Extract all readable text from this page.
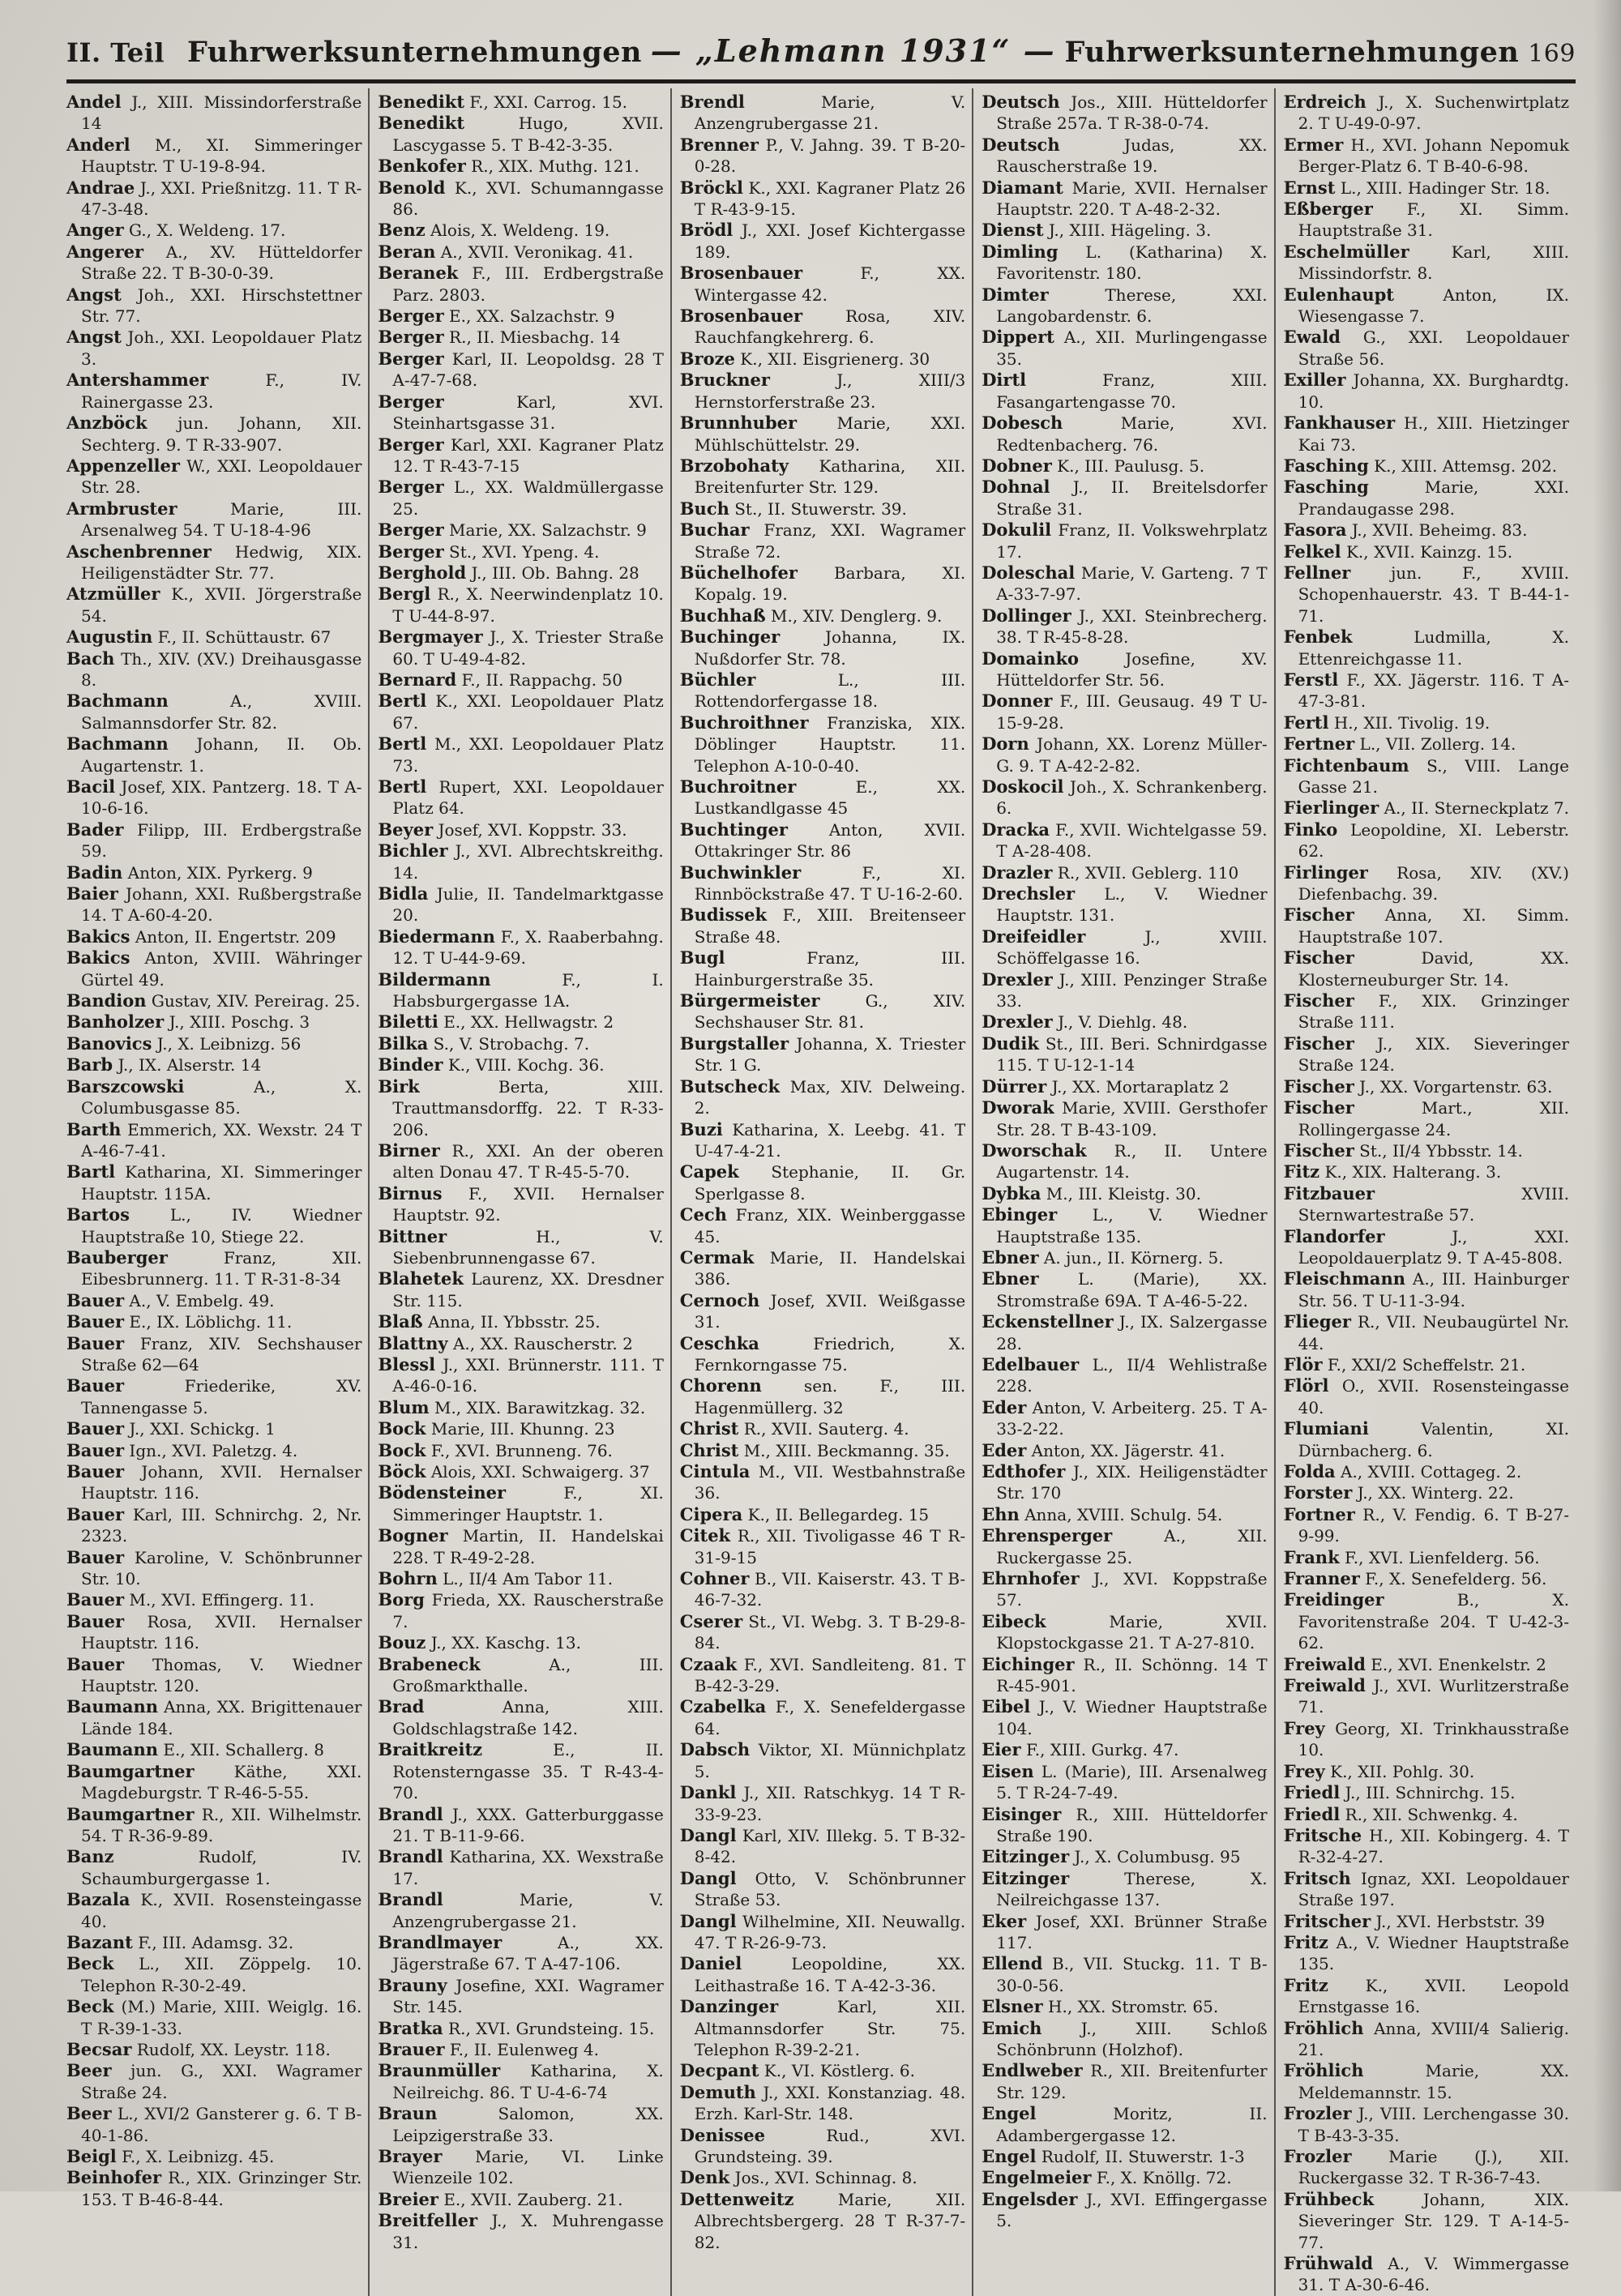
II. Teil Fuhrwerksunternehmungen — „Lehmann 1931“ — Fuhrwerksunternehmungen 169

Andel J., XIII. Missindorferstraße 14

Anderl M., XI. Simmeringer Hauptstr. T U-19-8-94.

Andrae J., XXI. Prießnitzg. 11. T R-47-3-48.

Anger G., X. Weldeng. 17.

Angerer A., XV. Hütteldorfer Straße 22. T B-30-0-39.

Angst Joh., XXI. Hirschstettner Str. 77.

Angst Joh., XXI. Leopoldauer Platz 3.

Antershammer F., IV. Rainergasse 23.

Anzböck jun. Johann, XII. Sechterg. 9. T R-33-907.

Appenzeller W., XXI. Leopoldauer Str. 28.

Armbruster Marie, III. Arsenalweg 54. T U-18-4-96

Aschenbrenner Hedwig, XIX. Heiligenstädter Str. 77.

Atzmüller K., XVII. Jörgerstraße 54.

Augustin F., II. Schüttaustr. 67

Bach Th., XIV. (XV.) Dreihausgasse 8.

Bachmann A., XVIII. Salmannsdorfer Str. 82.

Bachmann Johann, II. Ob. Augartenstr. 1.

Bacil Josef, XIX. Pantzerg. 18. T A-10-6-16.

Bader Filipp, III. Erdbergstraße 59.

Badin Anton, XIX. Pyrkerg. 9

Baier Johann, XXI. Rußbergstraße 14. T A-60-4-20.

Bakics Anton, II. Engertstr. 209

Bakics Anton, XVIII. Währinger Gürtel 49.

Bandion Gustav, XIV. Pereirag. 25.

Banholzer J., XIII. Poschg. 3

Banovics J., X. Leibnizg. 56

Barb J., IX. Alserstr. 14

Barszcowski A., X. Columbusgasse 85.

Barth Emmerich, XX. Wexstr. 24 T A-46-7-41.

Bartl Katharina, XI. Simmeringer Hauptstr. 115A.

Bartos L., IV. Wiedner Hauptstraße 10, Stiege 22.

Bauberger Franz, XII. Eibesbrunnerg. 11. T R-31-8-34

Bauer A., V. Embelg. 49.

Bauer E., IX. Löblichg. 11.

Bauer Franz, XIV. Sechshauser Straße 62—64

Bauer Friederike, XV. Tannengasse 5.

Bauer J., XXI. Schickg. 1

Bauer Ign., XVI. Paletzg. 4.

Bauer Johann, XVII. Hernalser Hauptstr. 116.

Bauer Karl, III. Schnirchg. 2, Nr. 2323.

Bauer Karoline, V. Schönbrunner Str. 10.

Bauer M., XVI. Effingerg. 11.

Bauer Rosa, XVII. Hernalser Hauptstr. 116.

Bauer Thomas, V. Wiedner Hauptstr. 120.

Baumann Anna, XX. Brigittenauer Lände 184.

Baumann E., XII. Schallerg. 8

Baumgartner Käthe, XXI. Magdeburgstr. T R-46-5-55.

Baumgartner R., XII. Wilhelmstr. 54. T R-36-9-89.

Banz Rudolf, IV. Schaumburgergasse 1.

Bazala K., XVII. Rosensteingasse 40.

Bazant F., III. Adamsg. 32.

Beck L., XII. Zöppelg. 10. Telephon R-30-2-49.

Beck (M.) Marie, XIII. Weiglg. 16. T R-39-1-33.

Becsar Rudolf, XX. Leystr. 118.

Beer jun. G., XXI. Wagramer Straße 24.

Beer L., XVI/2 Gansterer g. 6. T B-40-1-86.

Beigl F., X. Leibnizg. 45.

Beinhofer R., XIX. Grinzinger Str. 153. T B-46-8-44.

Benedikt F., XXI. Carrog. 15.

Benedikt Hugo, XVII. Lascygasse 5. T B-42-3-35.

Benkofer R., XIX. Muthg. 121.

Benold K., XVI. Schumanngasse 86.

Benz Alois, X. Weldeng. 19.

Beran A., XVII. Veronikag. 41.

Beranek F., III. Erdbergstraße Parz. 2803.

Berger E., XX. Salzachstr. 9

Berger R., II. Miesbachg. 14

Berger Karl, II. Leopoldsg. 28 T A-47-7-68.

Berger Karl, XVI. Steinhartsgasse 31.

Berger Karl, XXI. Kagraner Platz 12. T R-43-7-15

Berger L., XX. Waldmüllergasse 25.

Berger Marie, XX. Salzachstr. 9

Berger St., XVI. Ypeng. 4.

Berghold J., III. Ob. Bahng. 28

Bergl R., X. Neerwindenplatz 10. T U-44-8-97.

Bergmayer J., X. Triester Straße 60. T U-49-4-82.

Bernard F., II. Rappachg. 50

Bertl K., XXI. Leopoldauer Platz 67.

Bertl M., XXI. Leopoldauer Platz 73.

Bertl Rupert, XXI. Leopoldauer Platz 64.

Beyer Josef, XVI. Koppstr. 33.

Bichler J., XVI. Albrechtskreithg. 14.

Bidla Julie, II. Tandelmarktgasse 20.

Biedermann F., X. Raaberbahng. 12. T U-44-9-69.

Bildermann F., I. Habsburgergasse 1A.

Biletti E., XX. Hellwagstr. 2

Bilka S., V. Strobachg. 7.

Binder K., VIII. Kochg. 36.

Birk Berta, XIII. Trauttmansdorffg. 22. T R-33-206.

Birner R., XXI. An der oberen alten Donau 47. T R-45-5-70.

Birnus F., XVII. Hernalser Hauptstr. 92.

Bittner H., V. Siebenbrunnengasse 67.

Blahetek Laurenz, XX. Dresdner Str. 115.

Blaß Anna, II. Ybbsstr. 25.

Blattny A., XX. Rauscherstr. 2

Blessl J., XXI. Brünnerstr. 111. T A-46-0-16.

Blum M., XIX. Barawitzkag. 32.

Bock Marie, III. Khunng. 23

Bock F., XVI. Brunneng. 76.

Böck Alois, XXI. Schwaigerg. 37

Bödensteiner F., XI. Simmeringer Hauptstr. 1.

Bogner Martin, II. Handelskai 228. T R-49-2-28.

Bohrn L., II/4 Am Tabor 11.

Borg Frieda, XX. Rauscherstraße 7.

Bouz J., XX. Kaschg. 13.

Brabeneck A., III. Großmarkthalle.

Brad Anna, XIII. Goldschlagstraße 142.

Braitkreitz E., II. Rotensterngasse 35. T R-43-4-70.

Brandl J., XXX. Gatterburggasse 21. T B-11-9-66.

Brandl Katharina, XX. Wexstraße 17.

Brandl Marie, V. Anzengrubergasse 21.

Brandlmayer A., XX. Jägerstraße 67. T A-47-106.

Brauny Josefine, XXI. Wagramer Str. 145.

Bratka R., XVI. Grundsteing. 15.

Brauer F., II. Eulenweg 4.

Braunmüller Katharina, X. Neilreichg. 86. T U-4-6-74

Braun Salomon, XX. Leipzigerstraße 33.

Brayer Marie, VI. Linke Wienzeile 102.

Breier E., XVII. Zauberg. 21.

Breitfeller J., X. Muhrengasse 31.

Brendl Marie, V. Anzengrubergasse 21.

Brenner P., V. Jahng. 39. T B-20-0-28.

Bröckl K., XXI. Kagraner Platz 26 T R-43-9-15.

Brödl J., XXI. Josef Kichtergasse 189.

Brosenbauer F., XX. Wintergasse 42.

Brosenbauer Rosa, XIV. Rauchfangkehrerg. 6.

Broze K., XII. Eisgrienerg. 30

Bruckner J., XIII/3 Hernstorferstraße 23.

Brunnhuber Marie, XXI. Mühlschüttelstr. 29.

Brzobohaty Katharina, XII. Breitenfurter Str. 129.

Buch St., II. Stuwerstr. 39.

Buchar Franz, XXI. Wagramer Straße 72.

Büchelhofer Barbara, XI. Kopalg. 19.

Buchhaß M., XIV. Denglerg. 9.

Buchinger Johanna, IX. Nußdorfer Str. 78.

Büchler L., III. Rottendorfergasse 18.

Buchroithner Franziska, XIX. Döblinger Hauptstr. 11. Telephon A-10-0-40.

Buchroitner E., XX. Lustkandlgasse 45

Buchtinger Anton, XVII. Ottakringer Str. 86

Buchwinkler F., XI. Rinnböckstraße 47. T U-16-2-60.

Budissek F., XIII. Breitenseer Straße 48.

Bugl Franz, III. Hainburgerstraße 35.

Bürgermeister G., XIV. Sechshauser Str. 81.

Burgstaller Johanna, X. Triester Str. 1 G.

Butscheck Max, XIV. Delweing. 2.

Buzi Katharina, X. Leebg. 41. T U-47-4-21.

Capek Stephanie, II. Gr. Sperlgasse 8.

Cech Franz, XIX. Weinberggasse 45.

Cermak Marie, II. Handelskai 386.

Cernoch Josef, XVII. Weißgasse 31.

Ceschka Friedrich, X. Fernkorngasse 75.

Chorenn sen. F., III. Hagenmüllerg. 32

Christ R., XVII. Sauterg. 4.

Christ M., XIII. Beckmanng. 35.

Cintula M., VII. Westbahnstraße 36.

Cipera K., II. Bellegardeg. 15

Citek R., XII. Tivoligasse 46 T R-31-9-15

Cohner B., VII. Kaiserstr. 43. T B-46-7-32.

Cserer St., VI. Webg. 3. T B-29-8-84.

Czaak F., XVI. Sandleiteng. 81. T B-42-3-29.

Czabelka F., X. Senefeldergasse 64.

Dabsch Viktor, XI. Münnichplatz 5.

Dankl J., XII. Ratschkyg. 14 T R-33-9-23.

Dangl Karl, XIV. Illekg. 5. T B-32-8-42.

Dangl Otto, V. Schönbrunner Straße 53.

Dangl Wilhelmine, XII. Neuwallg. 47. T R-26-9-73.

Daniel Leopoldine, XX. Leithastraße 16. T A-42-3-36.

Danzinger Karl, XII. Altmannsdorfer Str. 75. Telephon R-39-2-21.

Decpant K., VI. Köstlerg. 6.

Demuth J., XXI. Konstanziag. 48. Erzh. Karl-Str. 148.

Denissee Rud., XVI. Grundsteing. 39.

Denk Jos., XVI. Schinnag. 8.

Dettenweitz Marie, XII. Albrechtsbergerg. 28 T R-37-7-82.

Deutsch Jos., XIII. Hütteldorfer Straße 257a. T R-38-0-74.

Deutsch Judas, XX. Rauscherstraße 19.

Diamant Marie, XVII. Hernalser Hauptstr. 220. T A-48-2-32.

Dienst J., XIII. Hägeling. 3.

Dimling L. (Katharina) X. Favoritenstr. 180.

Dimter Therese, XXI. Langobardenstr. 6.

Dippert A., XII. Murlingengasse 35.

Dirtl Franz, XIII. Fasangartengasse 70.

Dobesch Marie, XVI. Redtenbacherg. 76.

Dobner K., III. Paulusg. 5.

Dohnal J., II. Breitelsdorfer Straße 31.

Dokulil Franz, II. Volkswehrplatz 17.

Doleschal Marie, V. Garteng. 7 T A-33-7-97.

Dollinger J., XXI. Steinbrecherg. 38. T R-45-8-28.

Domainko Josefine, XV. Hütteldorfer Str. 56.

Donner F., III. Geusaug. 49 T U-15-9-28.

Dorn Johann, XX. Lorenz Müller-G. 9. T A-42-2-82.

Doskocil Joh., X. Schrankenberg. 6.

Dracka F., XVII. Wichtelgasse 59. T A-28-408.

Drazler R., XVII. Geblerg. 110

Drechsler L., V. Wiedner Hauptstr. 131.

Dreifeidler J., XVIII. Schöffelgasse 16.

Drexler J., XIII. Penzinger Straße 33.

Drexler J., V. Diehlg. 48.

Dudik St., III. Beri. Schnirdgasse 115. T U-12-1-14

Dürrer J., XX. Mortaraplatz 2

Dworak Marie, XVIII. Gersthofer Str. 28. T B-43-109.

Dworschak R., II. Untere Augartenstr. 14.

Dybka M., III. Kleistg. 30.

Ebinger L., V. Wiedner Hauptstraße 135.

Ebner A. jun., II. Körnerg. 5.

Ebner L. (Marie), XX. Stromstraße 69A. T A-46-5-22.

Eckenstellner J., IX. Salzergasse 28.

Edelbauer L., II/4 Wehlistraße 228.

Eder Anton, V. Arbeiterg. 25. T A-33-2-22.

Eder Anton, XX. Jägerstr. 41.

Edthofer J., XIX. Heiligenstädter Str. 170

Ehn Anna, XVIII. Schulg. 54.

Ehrensperger A., XII. Ruckergasse 25.

Ehrnhofer J., XVI. Koppstraße 57.

Eibeck Marie, XVII. Klopstockgasse 21. T A-27-810.

Eichinger R., II. Schönng. 14 T R-45-901.

Eibel J., V. Wiedner Hauptstraße 104.

Eier F., XIII. Gurkg. 47.

Eisen L. (Marie), III. Arsenalweg 5. T R-24-7-49.

Eisinger R., XIII. Hütteldorfer Straße 190.

Eitzinger J., X. Columbusg. 95

Eitzinger Therese, X. Neilreichgasse 137.

Eker Josef, XXI. Brünner Straße 117.

Ellend B., VII. Stuckg. 11. T B-30-0-56.

Elsner H., XX. Stromstr. 65.

Emich J., XIII. Schloß Schönbrunn (Holzhof).

Endlweber R., XII. Breitenfurter Str. 129.

Engel Moritz, II. Adambergergasse 12.

Engel Rudolf, II. Stuwerstr. 1-3

Engelmeier F., X. Knöllg. 72.

Engelsder J., XVI. Effingergasse 5.

Erdreich J., X. Suchenwirtplatz 2. T U-49-0-97.

Ermer H., XVI. Johann Nepomuk Berger-Platz 6. T B-40-6-98.

Ernst L., XIII. Hadinger Str. 18.

Eßberger F., XI. Simm. Hauptstraße 31.

Eschelmüller Karl, XIII. Missindorfstr. 8.

Eulenhaupt Anton, IX. Wiesengasse 7.

Ewald G., XXI. Leopoldauer Straße 56.

Exiller Johanna, XX. Burghardtg. 10.

Fankhauser H., XIII. Hietzinger Kai 73.

Fasching K., XIII. Attemsg. 202.

Fasching Marie, XXI. Prandaugasse 298.

Fasora J., XVII. Beheimg. 83.

Felkel K., XVII. Kainzg. 15.

Fellner jun. F., XVIII. Schopenhauerstr. 43. T B-44-1-71.

Fenbek Ludmilla, X. Ettenreichgasse 11.

Ferstl F., XX. Jägerstr. 116. T A-47-3-81.

Fertl H., XII. Tivolig. 19.

Fertner L., VII. Zollerg. 14.

Fichtenbaum S., VIII. Lange Gasse 21.

Fierlinger A., II. Sterneckplatz 7.

Finko Leopoldine, XI. Leberstr. 62.

Firlinger Rosa, XIV. (XV.) Diefenbachg. 39.

Fischer Anna, XI. Simm. Hauptstraße 107.

Fischer David, XX. Klosterneuburger Str. 14.

Fischer F., XIX. Grinzinger Straße 111.

Fischer J., XIX. Sieveringer Straße 124.

Fischer J., XX. Vorgartenstr. 63.

Fischer Mart., XII. Rollingergasse 24.

Fischer St., II/4 Ybbsstr. 14.

Fitz K., XIX. Halterang. 3.

Fitzbauer XVIII. Sternwartestraße 57.

Flandorfer J., XXI. Leopoldauerplatz 9. T A-45-808.

Fleischmann A., III. Hainburger Str. 56. T U-11-3-94.

Flieger R., VII. Neubaugürtel Nr. 44.

Flör F., XXI/2 Scheffelstr. 21.

Flörl O., XVII. Rosensteingasse 40.

Flumiani Valentin, XI. Dürnbacherg. 6.

Folda A., XVIII. Cottageg. 2.

Forster J., XX. Winterg. 22.

Fortner R., V. Fendig. 6. T B-27-9-99.

Frank F., XVI. Lienfelderg. 56.

Franner F., X. Senefelderg. 56.

Freidinger B., X. Favoritenstraße 204. T U-42-3-62.

Freiwald E., XVI. Enenkelstr. 2

Freiwald J., XVI. Wurlitzerstraße 71.

Frey Georg, XI. Trinkhausstraße 10.

Frey K., XII. Pohlg. 30.

Friedl J., III. Schnirchg. 15.

Friedl R., XII. Schwenkg. 4.

Fritsche H., XII. Kobingerg. 4. T R-32-4-27.

Fritsch Ignaz, XXI. Leopoldauer Straße 197.

Fritscher J., XVI. Herbststr. 39

Fritz A., V. Wiedner Hauptstraße 135.

Fritz K., XVII. Leopold Ernstgasse 16.

Fröhlich Anna, XVIII/4 Salierig. 21.

Fröhlich Marie, XX. Meldemannstr. 15.

Frozler J., VIII. Lerchengasse 30. T B-43-3-35.

Frozler Marie (J.), XII. Ruckergasse 32. T R-36-7-43.

Frühbeck Johann, XIX. Sieveringer Str. 129. T A-14-5-77.

Frühwald A., V. Wimmergasse 31. T A-30-6-46.
